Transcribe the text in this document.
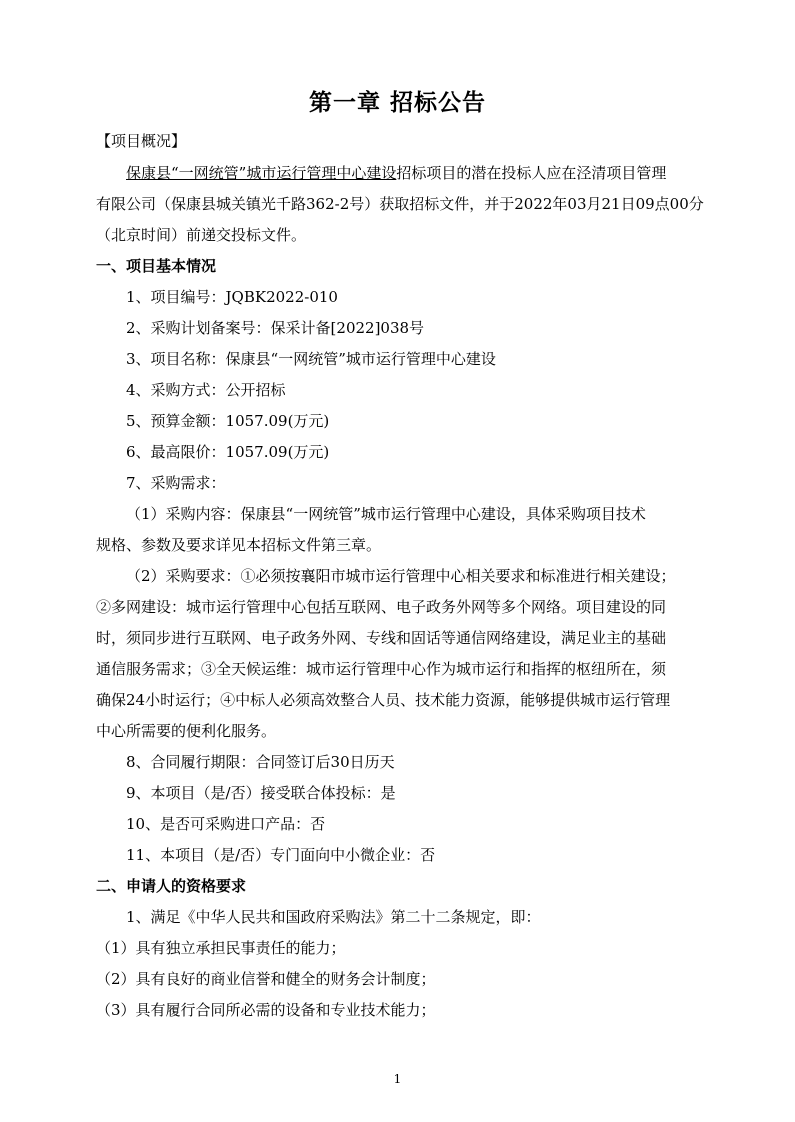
第一章 招标公告
【项目概况】
保康县“一网统管”城市运行管理中心建设招标项目的潜在投标人应在泾清项目管理
有限公司（保康县城关镇光千路362-2号）获取招标文件，并于2022年03月21日09点00分
（北京时间）前递交投标文件。
一、项目基本情况
1、项目编号：JQBK2022-010
2、采购计划备案号：保采计备[2022]038号
3、项目名称：保康县“一网统管”城市运行管理中心建设
4、采购方式：公开招标
5、预算金额：1057.09(万元)
6、最高限价：1057.09(万元)
7、采购需求：
（1）采购内容：保康县“一网统管”城市运行管理中心建设，具体采购项目技术
规格、参数及要求详见本招标文件第三章。
（2）采购要求：①必须按襄阳市城市运行管理中心相关要求和标准进行相关建设；
②多网建设：城市运行管理中心包括互联网、电子政务外网等多个网络。项目建设的同
时，须同步进行互联网、电子政务外网、专线和固话等通信网络建设，满足业主的基础
通信服务需求；③全天候运维：城市运行管理中心作为城市运行和指挥的枢纽所在，须
确保24小时运行；④中标人必须高效整合人员、技术能力资源，能够提供城市运行管理
中心所需要的便利化服务。
8、合同履行期限：合同签订后30日历天
9、本项目（是/否）接受联合体投标：是
10、是否可采购进口产品：否
11、本项目（是/否）专门面向中小微企业：否
二、申请人的资格要求
1、满足《中华人民共和国政府采购法》第二十二条规定，即：
（1）具有独立承担民事责任的能力；
（2）具有良好的商业信誉和健全的财务会计制度；
（3）具有履行合同所必需的设备和专业技术能力；
1
